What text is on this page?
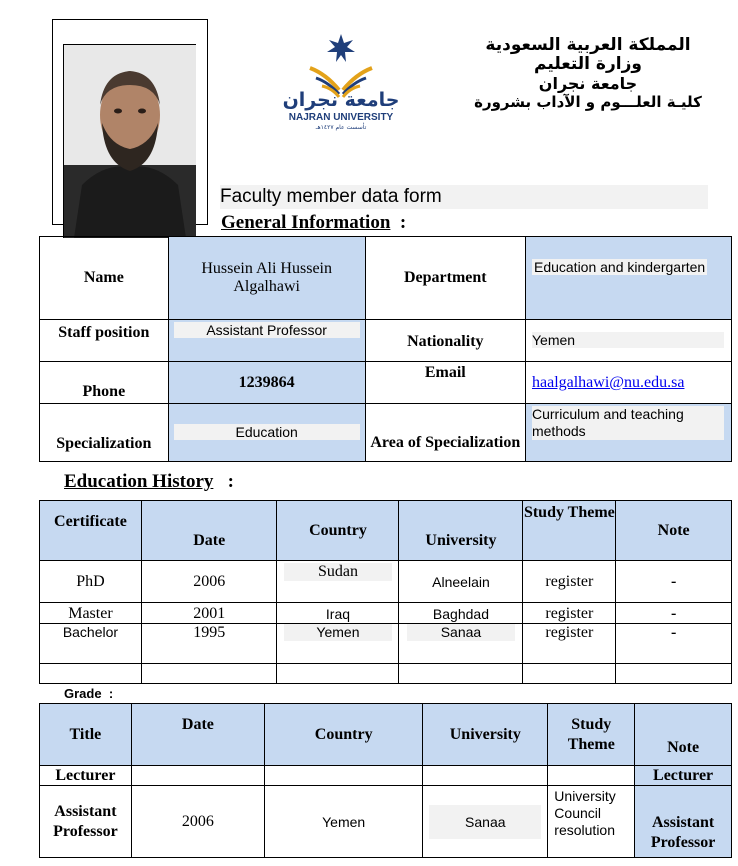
جامعة نجران
NAJRAN UNIVERSITY
تأسست عام ١٤٢٧هـ
المملكة العربية السعودية
وزارة التعليم
جامعة نجران
كليـة العلـــوم و الآداب بشرورة
Faculty member data form
General Information :
Name	Hussein Ali Hussein Algalhawi	Department	Education and kindergarten
Staff position	Assistant Professor	Nationality	Yemen
Phone	1239864	Email	haalgalhawi@nu.edu.sa
Specialization	Education	Area of Specialization	Curriculum and teaching methods
Education History :
Certificate	Date	Country	University	Study Theme	Note
PhD	2006	Sudan	Alneelain	register	-
Master	2001	Iraq	Baghdad	register	-
Bachelor	1995	Yemen	Sanaa	register	-

Grade :
Title	Date	Country	University	Study Theme	Note
Lecturer					Lecturer
Assistant Professor	2006	Yemen	Sanaa	University Council resolution	Assistant Professor
